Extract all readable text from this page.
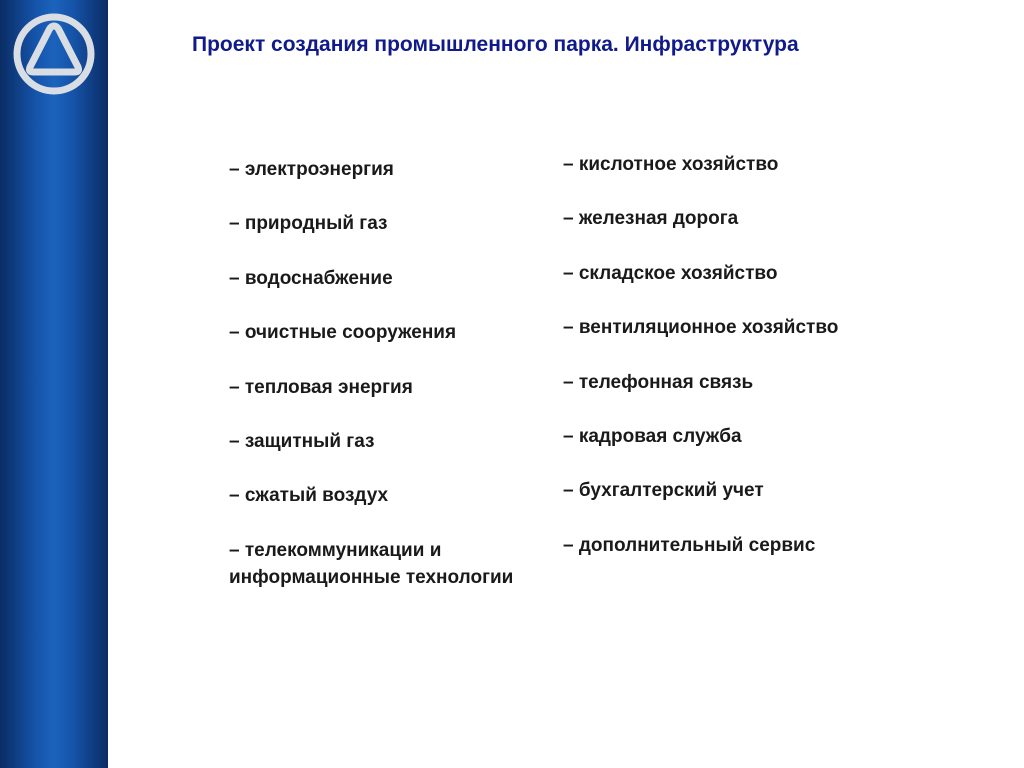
Проект создания промышленного парка. Инфраструктура
– электроэнергия
– природный газ
– водоснабжение
– очистные сооружения
– тепловая энергия
– защитный газ
– сжатый воздух
– телекоммуникации и информационные технологии
– кислотное хозяйство
– железная дорога
– складское хозяйство
– вентиляционное хозяйство
– телефонная связь
– кадровая служба
– бухгалтерский учет
– дополнительный сервис
